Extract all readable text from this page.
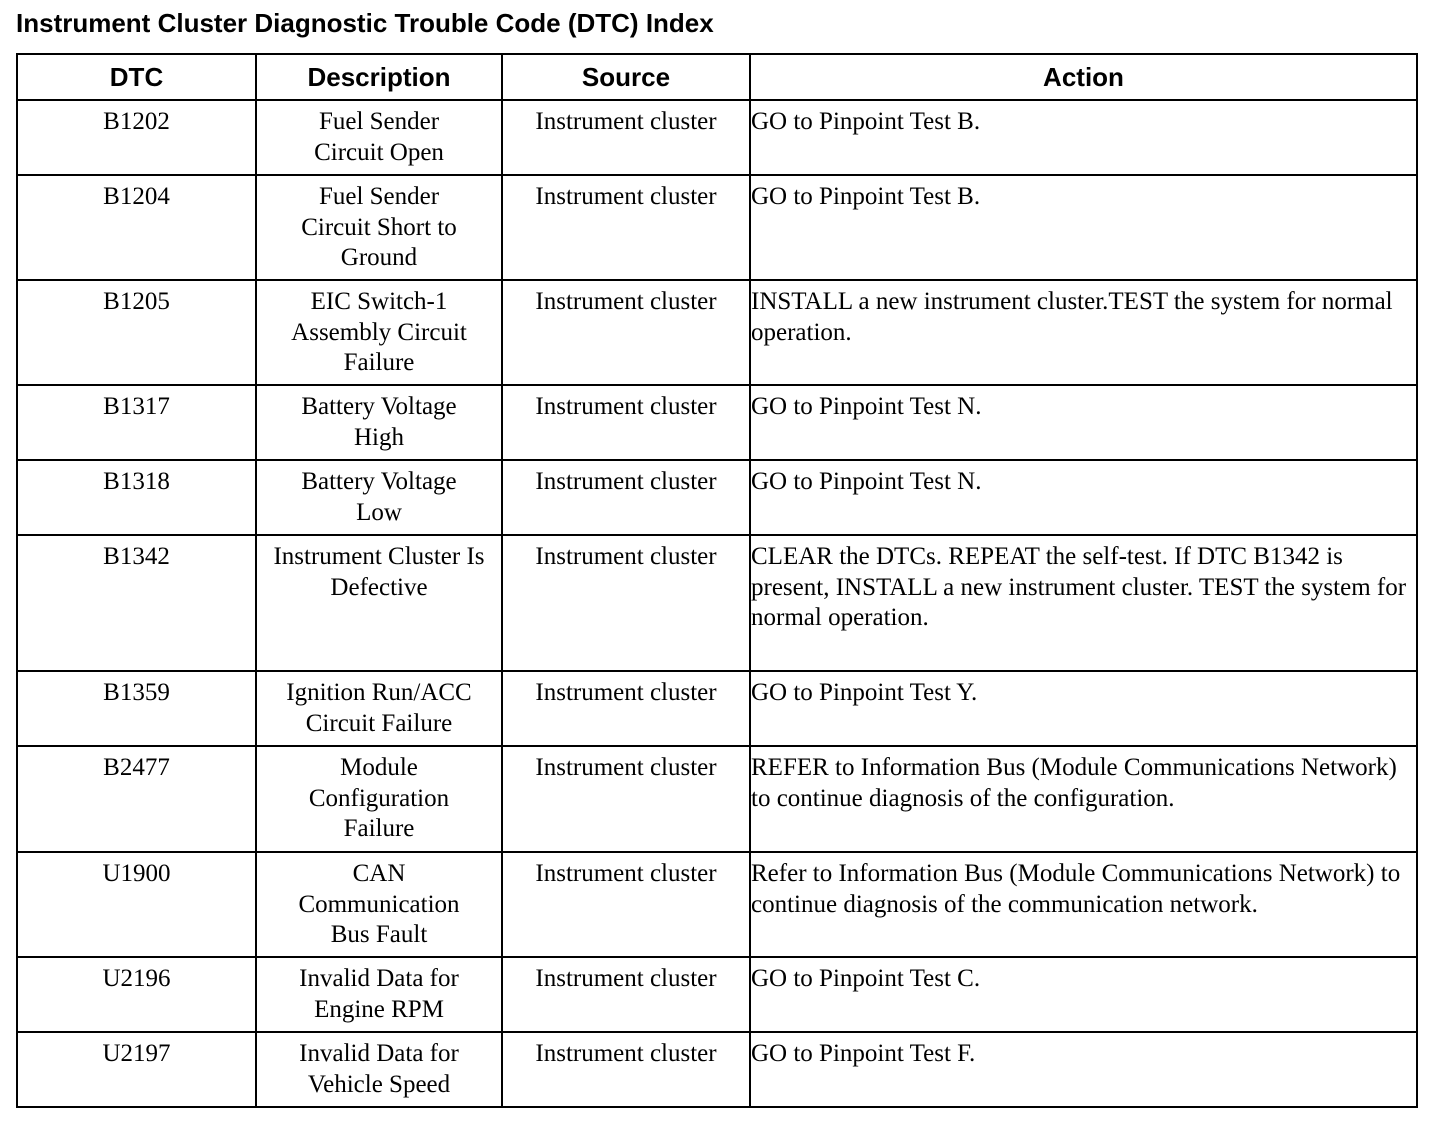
Instrument Cluster Diagnostic Trouble Code (DTC) Index
DTC	Description	Source	Action
B1202	Fuel Sender Circuit Open	Instrument cluster	GO to Pinpoint Test B.
B1204	Fuel Sender Circuit Short to Ground	Instrument cluster	GO to Pinpoint Test B.
B1205	EIC Switch-1 Assembly Circuit Failure	Instrument cluster	INSTALL a new instrument cluster.TEST the system for normal operation.
B1317	Battery Voltage High	Instrument cluster	GO to Pinpoint Test N.
B1318	Battery Voltage Low	Instrument cluster	GO to Pinpoint Test N.
B1342	Instrument Cluster Is Defective	Instrument cluster	CLEAR the DTCs. REPEAT the self-test. If DTC B1342 is present, INSTALL a new instrument cluster. TEST the system for normal operation.
B1359	Ignition Run/ACC Circuit Failure	Instrument cluster	GO to Pinpoint Test Y.
B2477	Module Configuration Failure	Instrument cluster	REFER to Information Bus (Module Communications Network) to continue diagnosis of the configuration.
U1900	CAN Communication Bus Fault	Instrument cluster	Refer to Information Bus (Module Communications Network) to continue diagnosis of the communication network.
U2196	Invalid Data for Engine RPM	Instrument cluster	GO to Pinpoint Test C.
U2197	Invalid Data for Vehicle Speed	Instrument cluster	GO to Pinpoint Test F.
